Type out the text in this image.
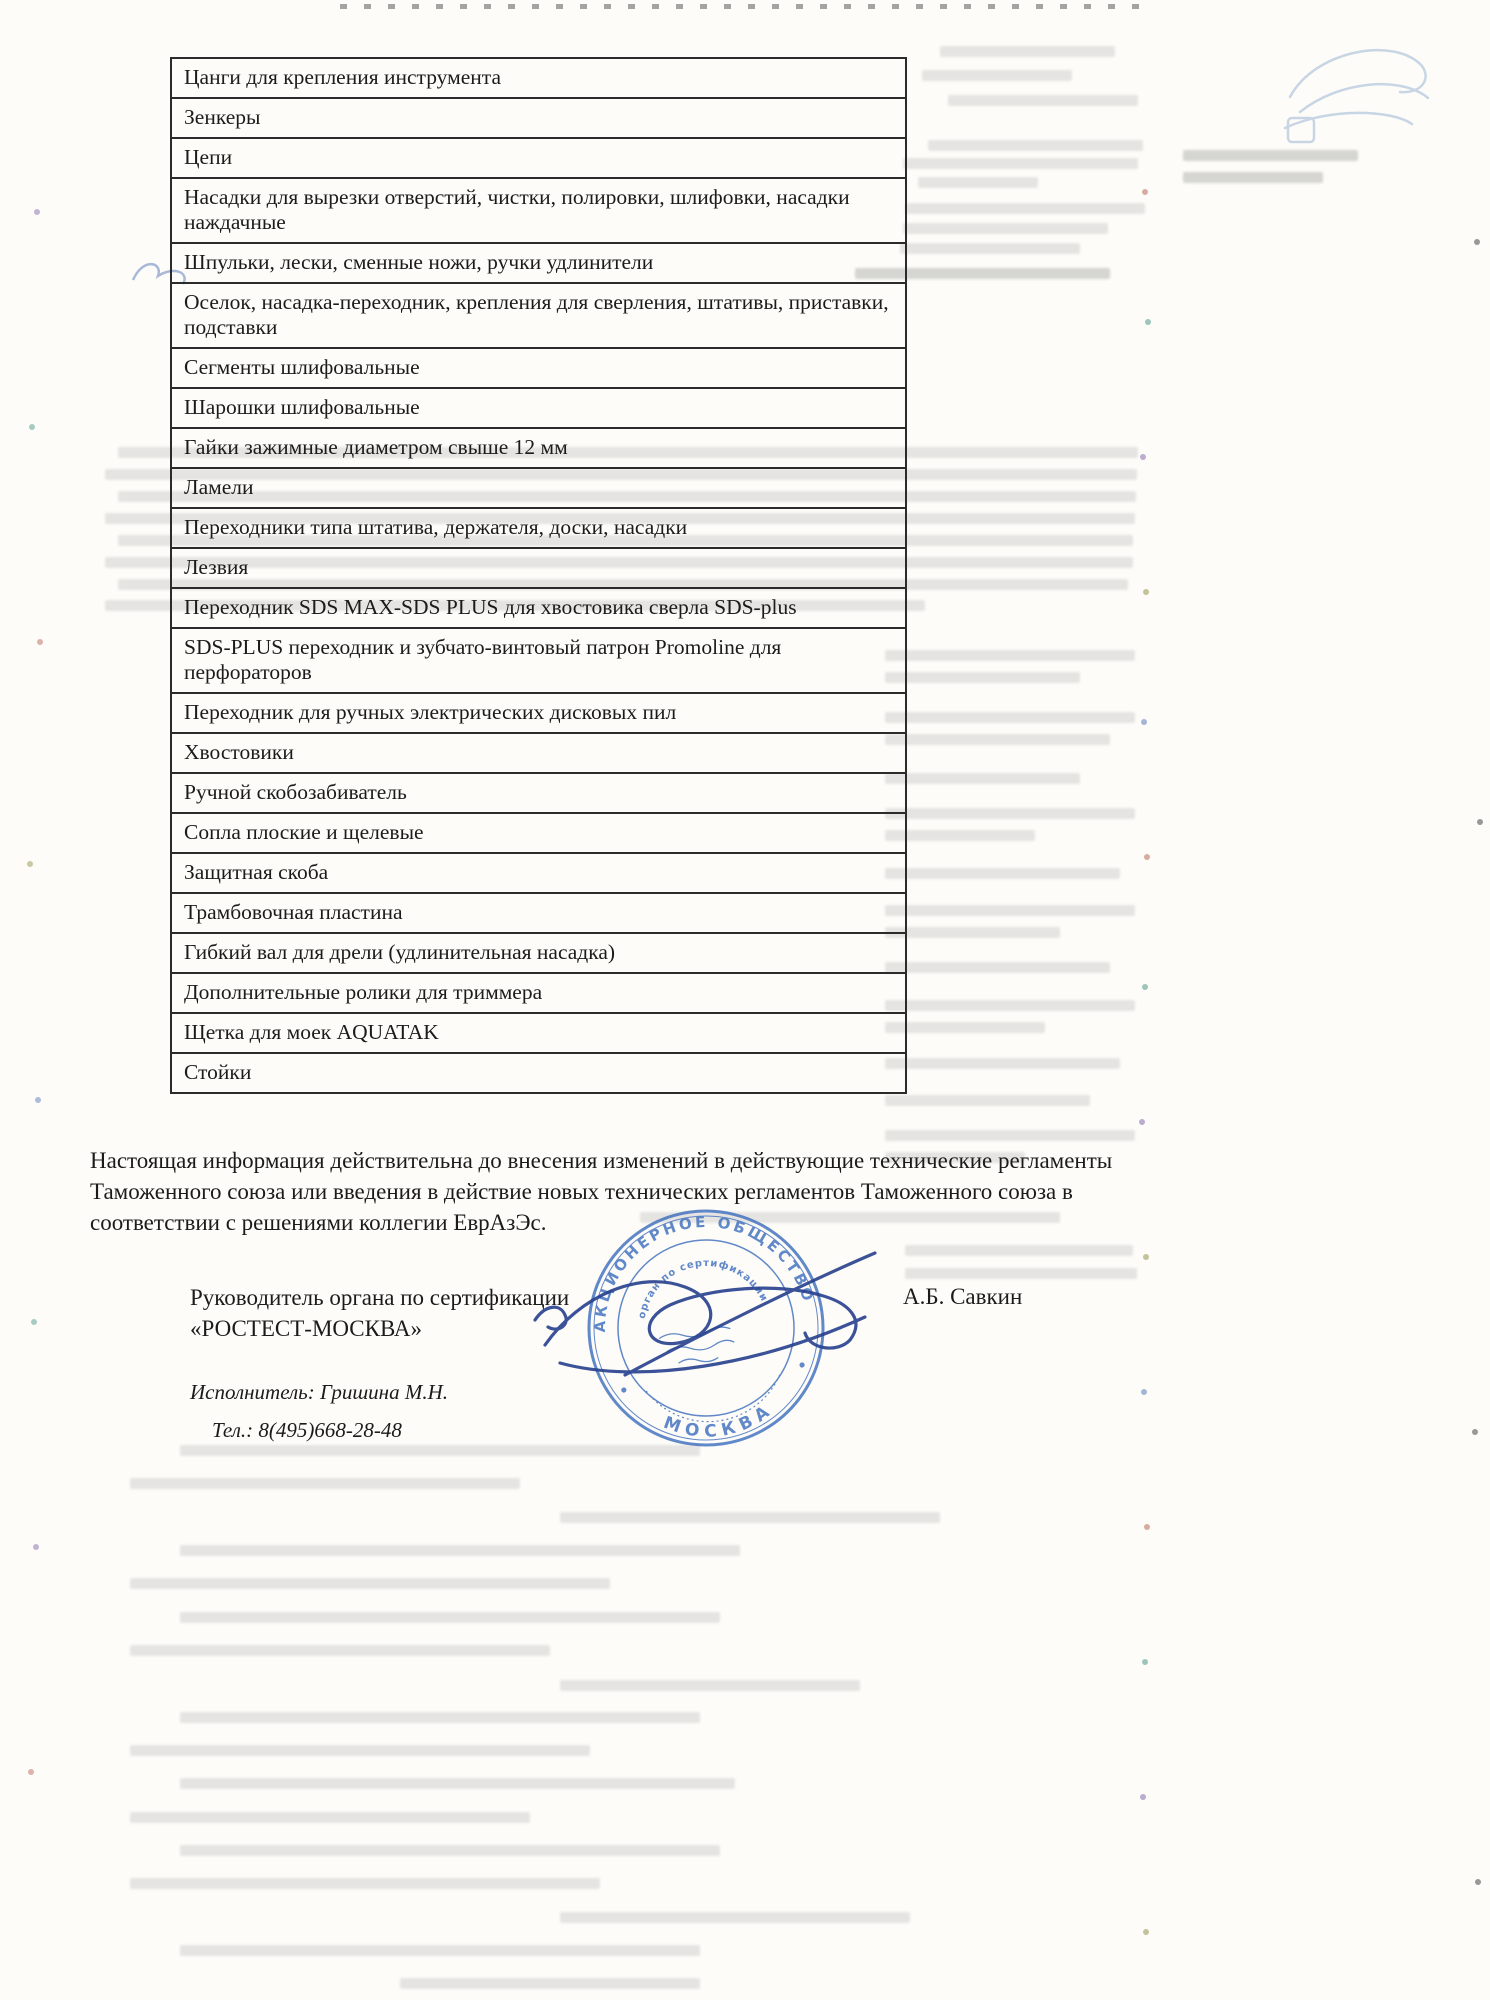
Цанги для крепления инструмента
Зенкеры
Цепи
Насадки для вырезки отверстий, чистки, полировки, шлифовки, насадки наждачные
Шпульки, лески, сменные ножи, ручки удлинители
Оселок, насадка-переходник, крепления для сверления, штативы, приставки, подставки
Сегменты шлифовальные
Шарошки шлифовальные
Гайки зажимные диаметром свыше 12 мм
Ламели
Переходники типа штатива, держателя, доски, насадки
Лезвия
Переходник SDS MAX-SDS PLUS для хвостовика сверла SDS-plus
SDS-PLUS переходник и зубчато-винтовый патрон Promoline для перфораторов
Переходник для ручных электрических дисковых пил
Хвостовики
Ручной скобозабиватель
Сопла плоские и щелевые
Защитная скоба
Трамбовочная пластина
Гибкий вал для дрели (удлинительная насадка)
Дополнительные ролики для триммера
Щетка для моек AQUATAK
Стойки

Настоящая информация действительна до внесения изменений в действующие технические регламенты Таможенного союза или введения в действие новых технических регламентов Таможенного союза в соответствии с решениями коллегии ЕврАзЭс.

Руководитель органа по сертификации
«РОСТЕСТ-МОСКВА»
А.Б. Савкин
Исполнитель: Гришина М.Н.
Тел.: 8(495)668-28-48
АКЦИОНЕРНОЕ ОБЩЕСТВО
МОСКВА
орган по сертификации
